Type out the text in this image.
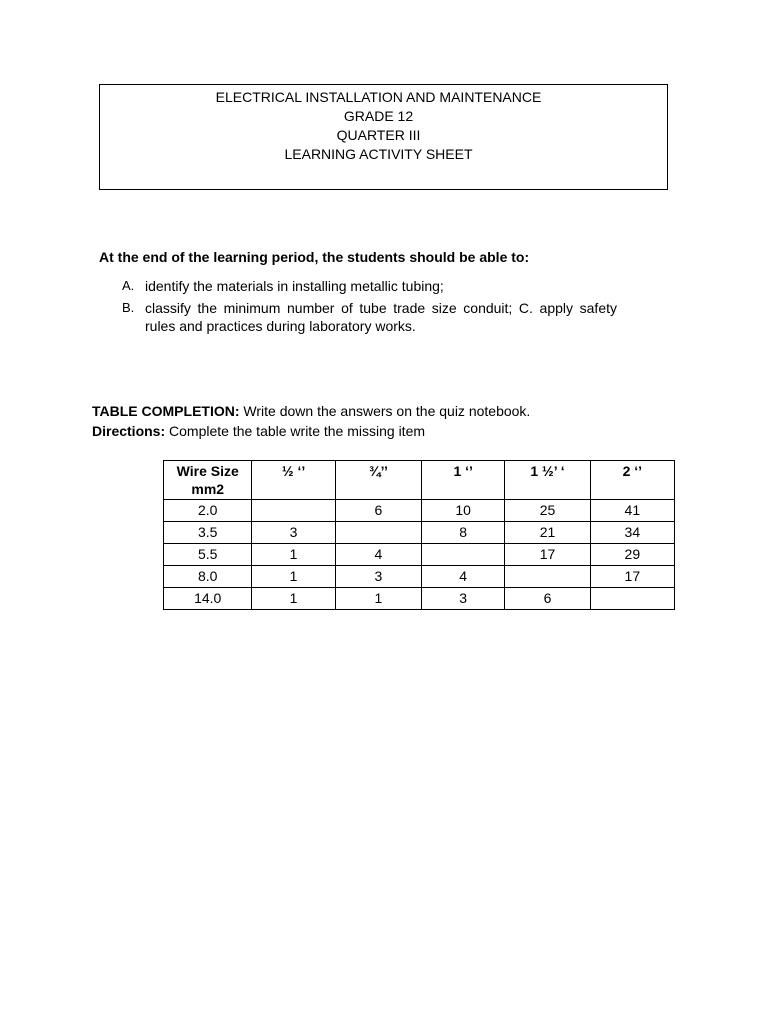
ELECTRICAL INSTALLATION AND MAINTENANCE
GRADE 12
QUARTER III
LEARNING ACTIVITY SHEET
At the end of the learning period, the students should be able to:
A. identify the materials in installing metallic tubing;
B. classify the minimum number of tube trade size conduit; C. apply safety rules and practices during laboratory works.
TABLE COMPLETION: Write down the answers on the quiz notebook.
Directions: Complete the table write the missing item
Wire Size mm2	½ ‘’	¾’’	1 ‘’	1 ½’ ‘	2 ‘’
2.0		6	10	25	41
3.5	3		8	21	34
5.5	1	4		17	29
8.0	1	3	4		17
14.0	1	1	3	6	
